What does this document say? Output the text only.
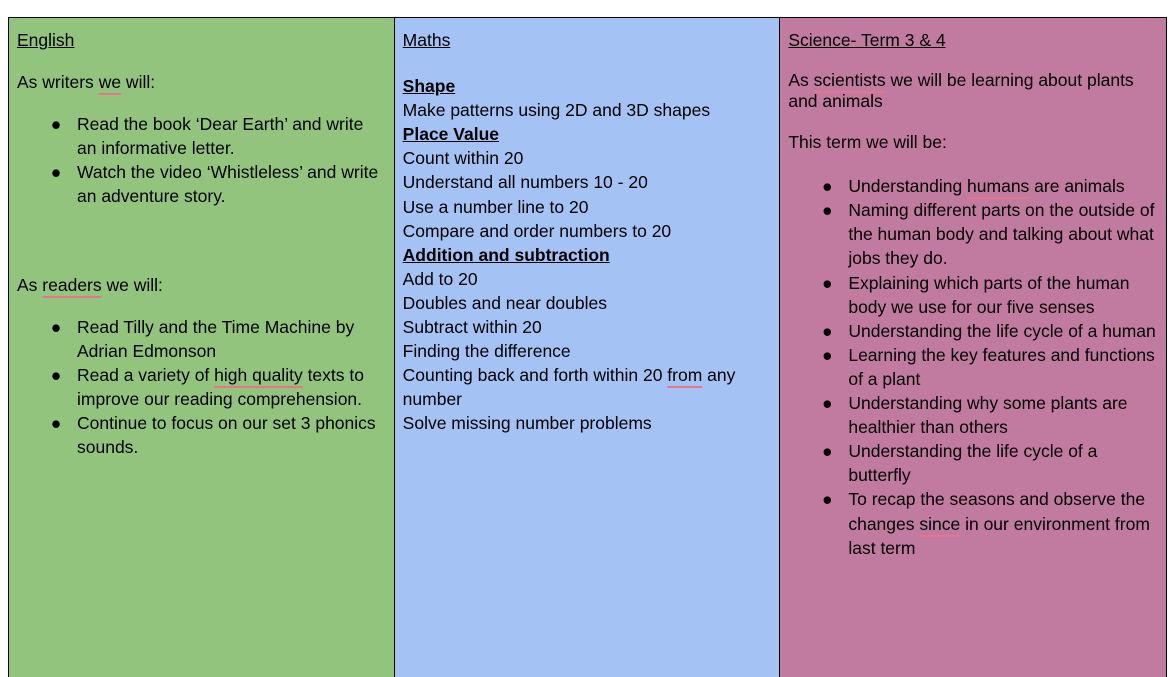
English

As writers we will:

● Read the book ‘Dear Earth’ and write an informative letter.
● Watch the video ‘Whistleless’ and write an adventure story.

As readers we will:

● Read Tilly and the Time Machine by Adrian Edmonson
● Read a variety of high quality texts to improve our reading comprehension.
● Continue to focus on our set 3 phonics sounds.

Maths

Shape
Make patterns using 2D and 3D shapes
Place Value
Count within 20
Understand all numbers 10 - 20
Use a number line to 20
Compare and order numbers to 20
Addition and subtraction
Add to 20
Doubles and near doubles
Subtract within 20
Finding the difference
Counting back and forth within 20 from any number
Solve missing number problems

Science- Term 3 & 4

As scientists we will be learning about plants and animals

This term we will be:

● Understanding humans are animals
● Naming different parts on the outside of the human body and talking about what jobs they do.
● Explaining which parts of the human body we use for our five senses
● Understanding the life cycle of a human
● Learning the key features and functions of a plant
● Understanding why some plants are healthier than others
● Understanding the life cycle of a butterfly
● To recap the seasons and observe the changes since in our environment from last term
